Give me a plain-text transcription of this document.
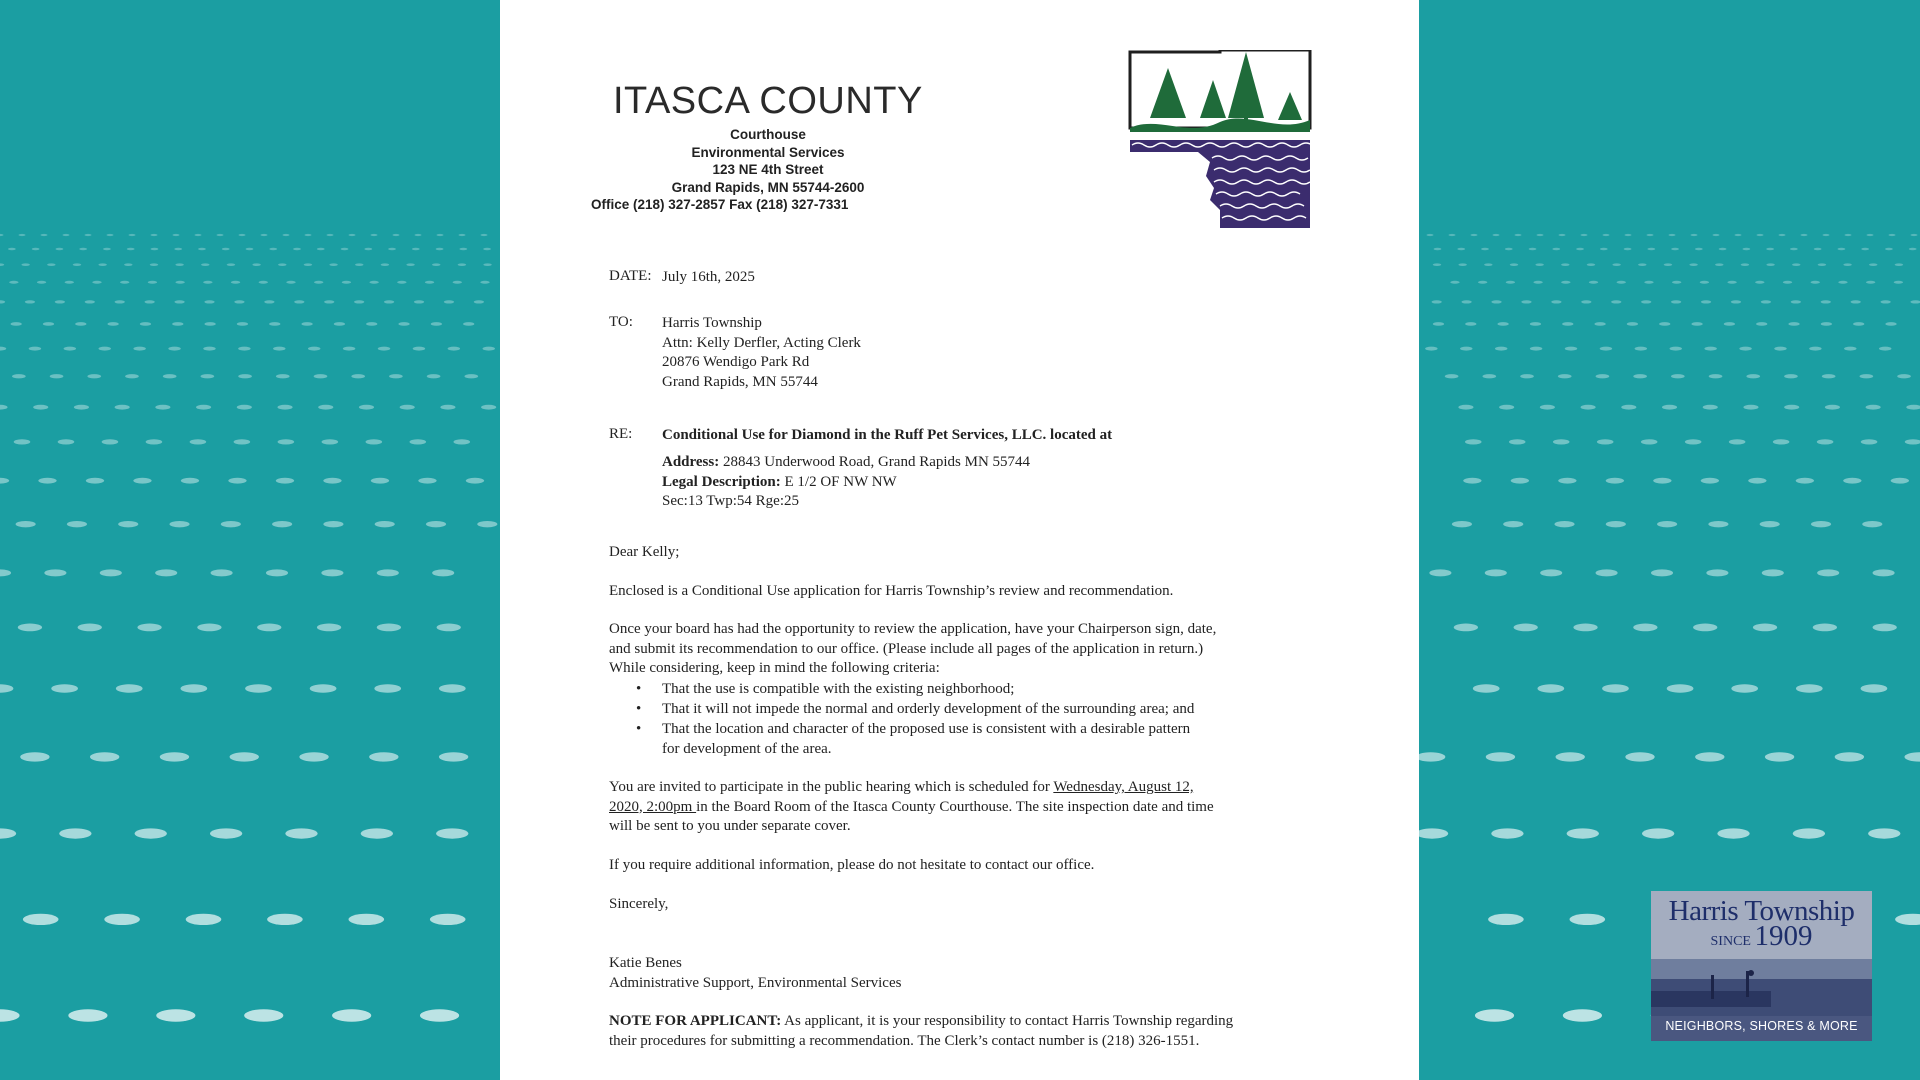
ITASCA COUNTY
Courthouse
Environmental Services
123 NE 4th Street
Grand Rapids, MN 55744-2600
Office (218) 327-2857 Fax (218) 327-7331
DATE: July 16th, 2025
TO: Harris Township
Attn: Kelly Derfler, Acting Clerk
20876 Wendigo Park Rd
Grand Rapids, MN 55744
RE: Conditional Use for Diamond in the Ruff Pet Services, LLC. located at
Address: 28843 Underwood Road, Grand Rapids MN 55744
Legal Description: E 1/2 OF NW NW
Sec:13 Twp:54 Rge:25
Dear Kelly;
Enclosed is a Conditional Use application for Harris Township’s review and recommendation.
Once your board has had the opportunity to review the application, have your Chairperson sign, date,
and submit its recommendation to our office. (Please include all pages of the application in return.)
While considering, keep in mind the following criteria:
• That the use is compatible with the existing neighborhood;
• That it will not impede the normal and orderly development of the surrounding area; and
• That the location and character of the proposed use is consistent with a desirable pattern
for development of the area.
You are invited to participate in the public hearing which is scheduled for Wednesday, August 12,
2020, 2:00pm in the Board Room of the Itasca County Courthouse. The site inspection date and time
will be sent to you under separate cover.
If you require additional information, please do not hesitate to contact our office.
Sincerely,
Katie Benes
Administrative Support, Environmental Services
NOTE FOR APPLICANT: As applicant, it is your responsibility to contact Harris Township regarding
their procedures for submitting a recommendation. The Clerk’s contact number is (218) 326-1551.
Harris Township
SINCE 1909
NEIGHBORS, SHORES & MORE
